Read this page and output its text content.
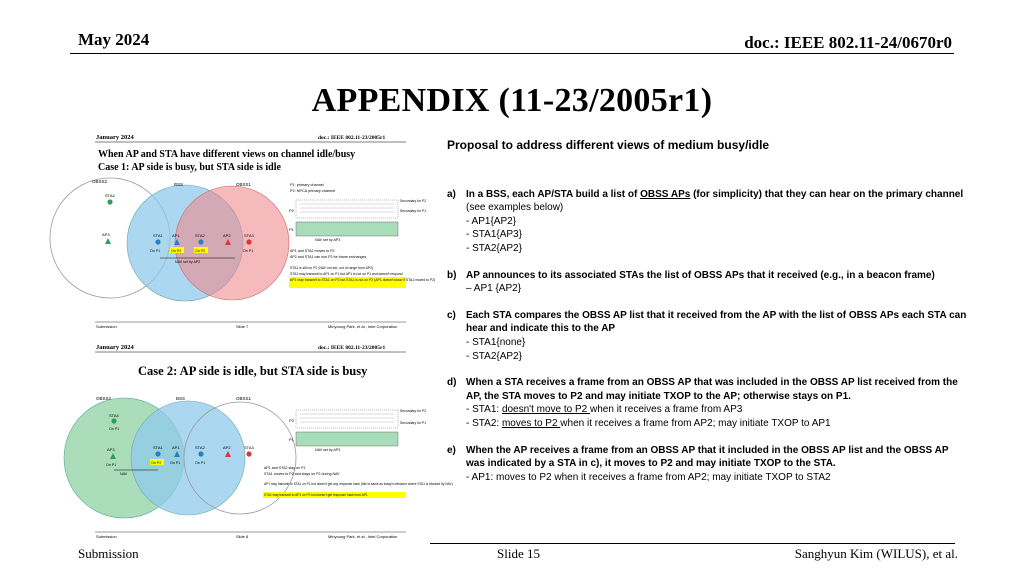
May 2024	doc.: IEEE 802.11-24/0670r0
APPENDIX (11-23/2005r1)
January 2024	doc.: IEEE 802.11-23/2005r1
When AP and STA have different views on channel idle/busy
Case 1: AP side is busy, but STA side is idle
OBSS2
BSS	OBSS1
STA4
AP3	STA1 AP1	STA2	AP2	STA3
On P1	On P2	On P2	On P1
NAV set by AP2
P1: primary channel
P2: NPCA primary channel
P2
Secondary for P2
Secondary for P1
P1
NAV set by AP3
AP1 and STA2 moves to P2
AP2 and STA1 can use P2 for frame exchanges
STA1 is still on P2 (NAV not set, out of range from AP2)
STA1 may transmit to AP1 on P1 but AP1 is not on P1 and doesn't respond
AP1 may transmit to STA1 on P2 but STA1 is not on P2 (AP1 doesn't know if STA1 moved to P2)
Submission	Slide 7	Minyoung Park, et al., Intel Corporation
January 2024	doc.: IEEE 802.11-23/2005r1
Case 2: AP side is idle, but STA side is busy
OBSS2	BSS	OBSS1
STA4
On P1
AP3
On P1
STA1
On P2
AP1
On P1
STA2
On P1
AP2	STA3
NAV
P2
Secondary for P2
Secondary for P1
P1
NAV set by AP3
AP1 and STA2 stay on P1
STA1 moves to P2 and stays on P2 during NAV
AP1 may transmit to STA1 on P1 but doesn't get any response back (this is same as today's behavior where STA1 is blocked by NAV)
STA1 may transmit to AP1 on P2 but doesn't get response back from AP1
Submission	Slide 8	Minyoung Park, et al., Intel Corporation
Proposal to address different views of medium busy/idle
a) In a BSS, each AP/STA build a list of OBSS APs (for simplicity) that they can hear on the primary channel (see examples below)
- AP1{AP2}
- STA1{AP3}
- STA2{AP2}
b) AP announces to its associated STAs the list of OBSS APs that it received (e.g., in a beacon frame)
– AP1 {AP2}
c) Each STA compares the OBSS AP list that it received from the AP with the list of OBSS APs each STA can hear and indicate this to the AP
- STA1{none}
- STA2{AP2}
d) When a STA receives a frame from an OBSS AP that was included in the OBSS AP list received from the AP, the STA moves to P2 and may initiate TXOP to the AP; otherwise stays on P1.
- STA1: doesn't move to P2 when it receives a frame from AP3
- STA2: moves to P2 when it receives a frame from AP2; may initiate TXOP to AP1
e) When the AP receives a frame from an OBSS AP that it included in the OBSS AP list and the OBSS AP was indicated by a STA in c), it moves to P2 and may initiate TXOP to the STA.
- AP1: moves to P2 when it receives a frame from AP2; may initiate TXOP to STA2
Submission	Slide 15	Sanghyun Kim (WILUS), et al.
